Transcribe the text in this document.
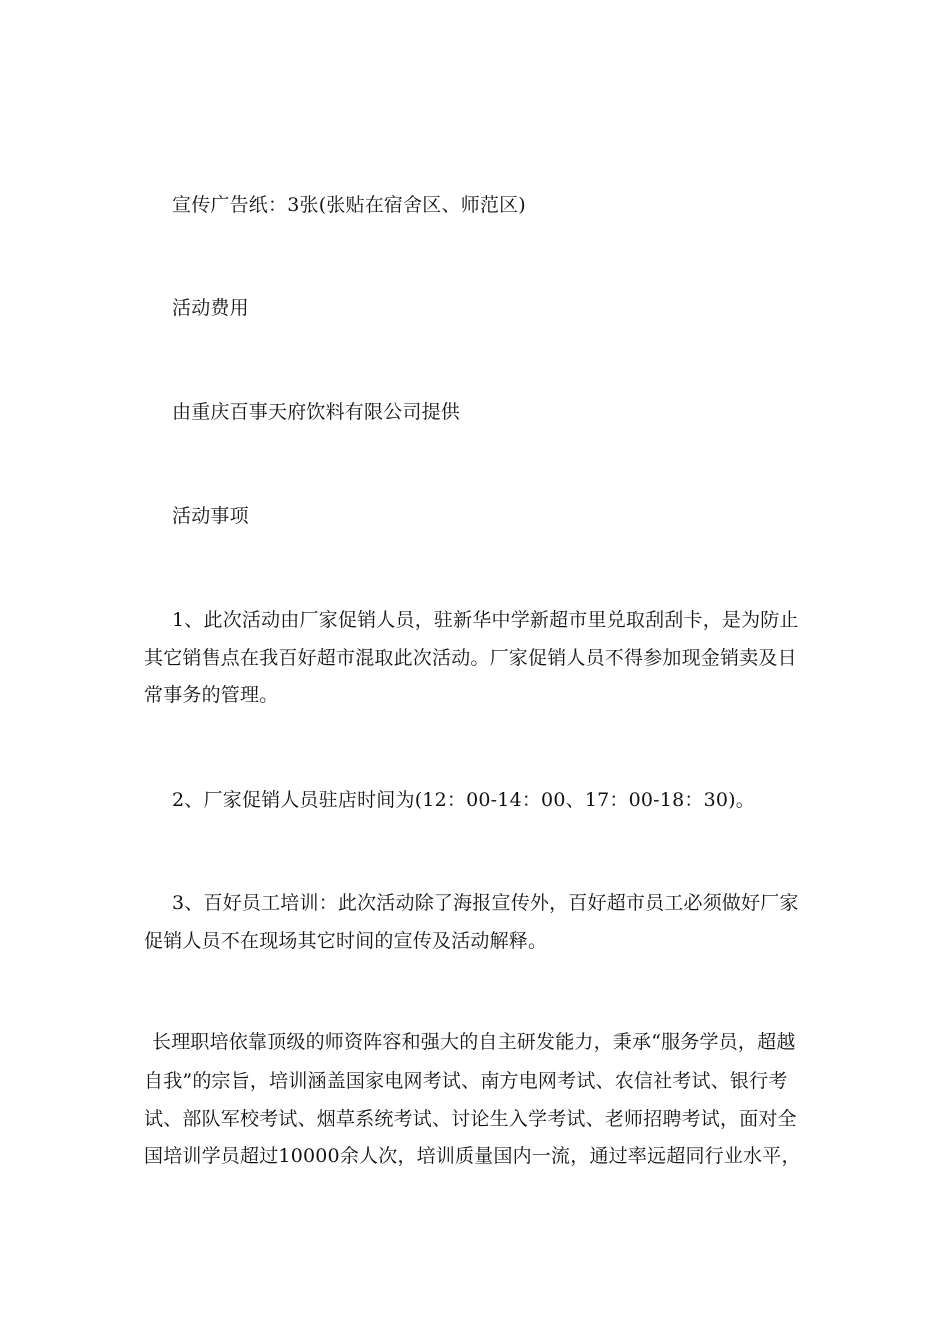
宣传广告纸：3张(张贴在宿舍区、师范区)
活动费用
由重庆百事天府饮料有限公司提供
活动事项
1、此次活动由厂家促销人员，驻新华中学新超市里兑取刮刮卡，是为防止
其它销售点在我百好超市混取此次活动。厂家促销人员不得参加现金销卖及日
常事务的管理。
2、厂家促销人员驻店时间为(12：00-14：00、17：00-18：30)。
3、百好员工培训：此次活动除了海报宣传外，百好超市员工必须做好厂家
促销人员不在现场其它时间的宣传及活动解释。
长理职培依靠顶级的师资阵容和强大的自主研发能力，秉承“服务学员，超越
自我”的宗旨，培训涵盖国家电网考试、南方电网考试、农信社考试、银行考
试、部队军校考试、烟草系统考试、讨论生入学考试、老师招聘考试，面对全
国培训学员超过10000余人次，培训质量国内一流，通过率远超同行业水平，
